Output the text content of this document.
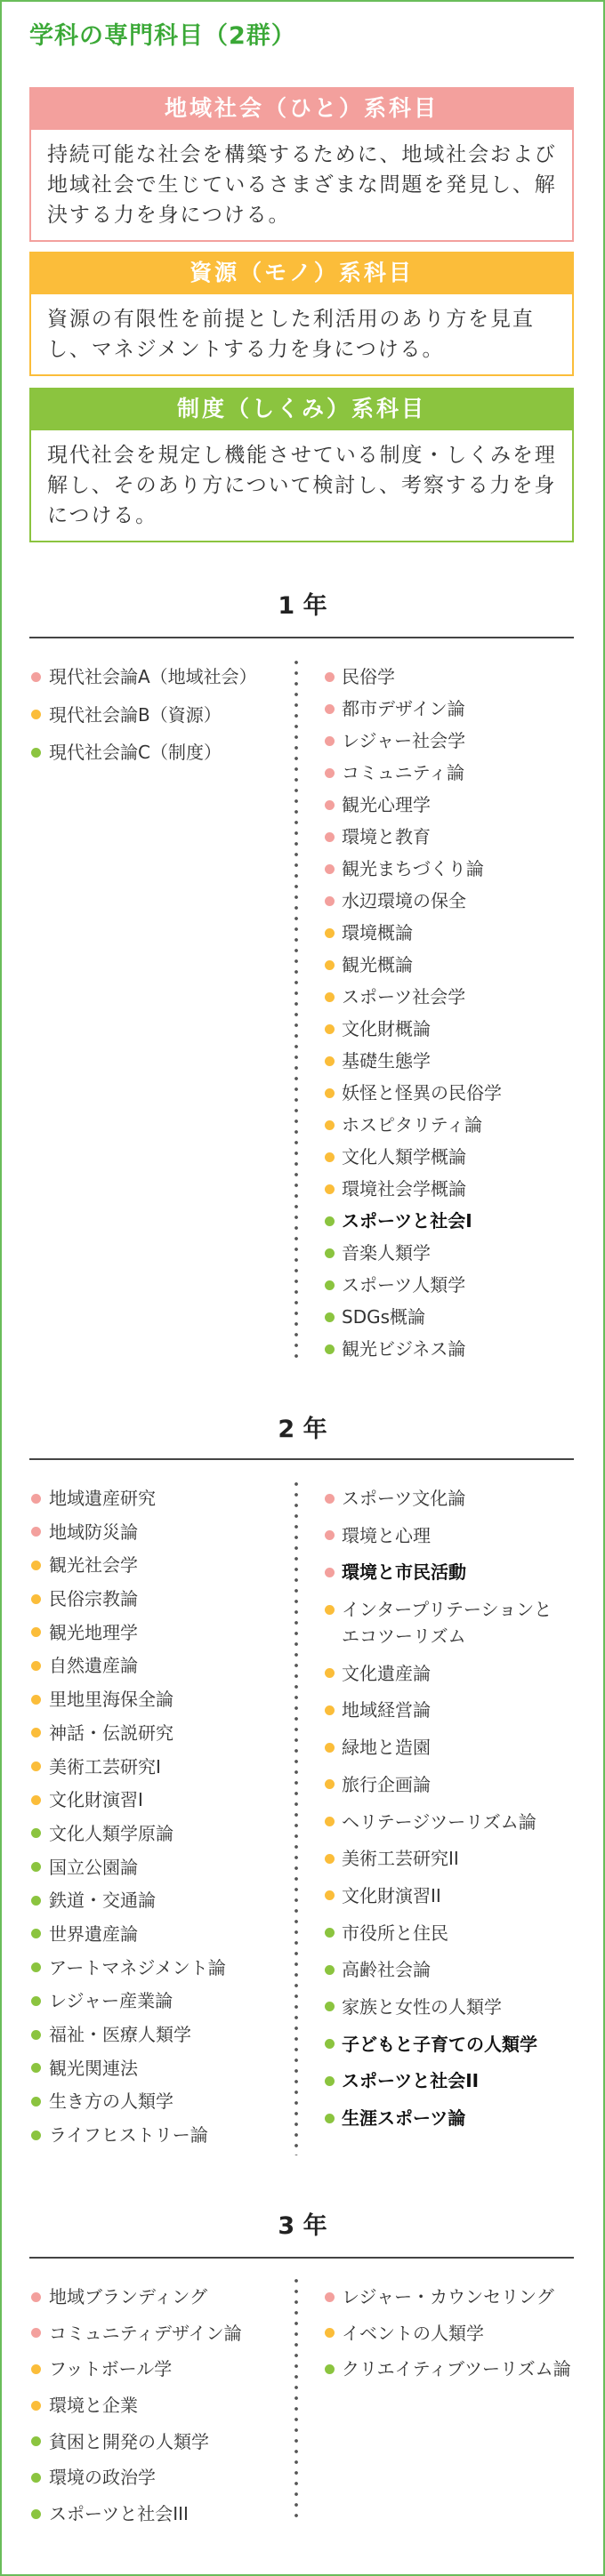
学科の専門科目（2群）
地域社会（ひと）系科目
持続可能な社会を構築するために、地域社会および
地域社会で生じているさまざまな問題を発見し、解
決する力を身につける。
資源（モノ）系科目
資源の有限性を前提とした利活用のあり方を見直
し、マネジメントする力を身につける。
制度（しくみ）系科目
現代社会を規定し機能させている制度・しくみを理
解し、そのあり方について検討し、考察する力を身
につける。
1 年
現代社会論A（地域社会）
現代社会論B（資源）
現代社会論C（制度）
民俗学
都市デザイン論
レジャー社会学
コミュニティ論
観光心理学
環境と教育
観光まちづくり論
水辺環境の保全
環境概論
観光概論
スポーツ社会学
文化財概論
基礎生態学
妖怪と怪異の民俗学
ホスピタリティ論
文化人類学概論
環境社会学概論
スポーツと社会I
音楽人類学
スポーツ人類学
SDGs概論
観光ビジネス論
2 年
地域遺産研究
地域防災論
観光社会学
民俗宗教論
観光地理学
自然遺産論
里地里海保全論
神話・伝説研究
美術工芸研究I
文化財演習I
文化人類学原論
国立公園論
鉄道・交通論
世界遺産論
アートマネジメント論
レジャー産業論
福祉・医療人類学
観光関連法
生き方の人類学
ライフヒストリー論
スポーツ文化論
環境と心理
環境と市民活動
インタープリテーションとエコツーリズム
文化遺産論
地域経営論
緑地と造園
旅行企画論
ヘリテージツーリズム論
美術工芸研究II
文化財演習II
市役所と住民
高齢社会論
家族と女性の人類学
子どもと子育ての人類学
スポーツと社会II
生涯スポーツ論
3 年
地域ブランディング
コミュニティデザイン論
フットボール学
環境と企業
貧困と開発の人類学
環境の政治学
スポーツと社会III
レジャー・カウンセリング
イベントの人類学
クリエイティブツーリズム論
